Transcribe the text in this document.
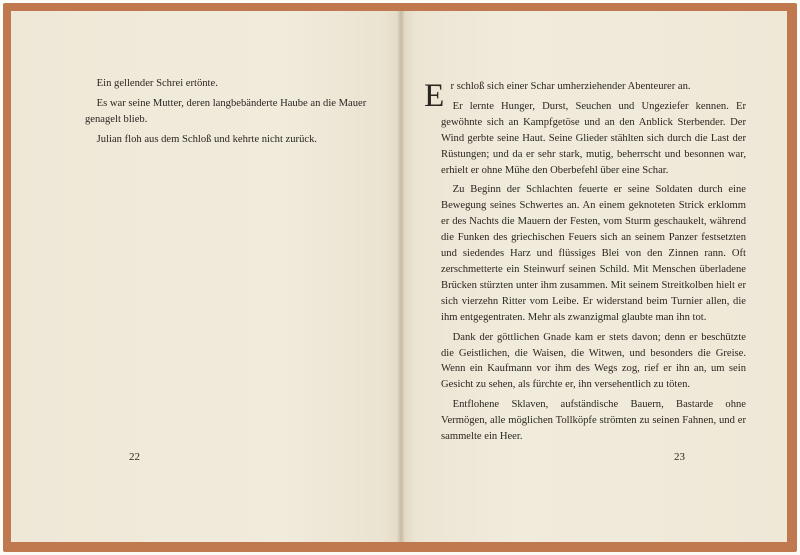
Ein gellender Schrei ertönte.

Es war seine Mutter, deren langbebänderte Haube an die Mauer genagelt blieb.

Julian floh aus dem Schloß und kehrte nicht zurück.

22

Er schloß sich einer Schar umherziehender Abenteurer an.

Er lernte Hunger, Durst, Seuchen und Ungeziefer kennen. Er gewöhnte sich an Kampfgetöse und an den Anblick Sterbender. Der Wind gerbte seine Haut. Seine Glieder stählten sich durch die Last der Rüstungen; und da er sehr stark, mutig, beherrscht und besonnen war, erhielt er ohne Mühe den Oberbefehl über eine Schar.

Zu Beginn der Schlachten feuerte er seine Soldaten durch eine Bewegung seines Schwertes an. An einem geknoteten Strick erklomm er des Nachts die Mauern der Festen, vom Sturm geschaukelt, während die Funken des griechischen Feuers sich an seinem Panzer festsetzten und siedendes Harz und flüssiges Blei von den Zinnen rann. Oft zerschmetterte ein Steinwurf seinen Schild. Mit Menschen überladene Brücken stürzten unter ihm zusammen. Mit seinem Streitkolben hielt er sich vierzehn Ritter vom Leibe. Er widerstand beim Turnier allen, die ihm entgegentraten. Mehr als zwanzigmal glaubte man ihn tot.

Dank der göttlichen Gnade kam er stets davon; denn er beschützte die Geistlichen, die Waisen, die Witwen, und besonders die Greise. Wenn ein Kaufmann vor ihm des Wegs zog, rief er ihn an, um sein Gesicht zu sehen, als fürchte er, ihn versehentlich zu töten.

Entflohene Sklaven, aufständische Bauern, Bastarde ohne Vermögen, alle möglichen Tollköpfe strömten zu seinen Fahnen, und er sammelte ein Heer.

23
